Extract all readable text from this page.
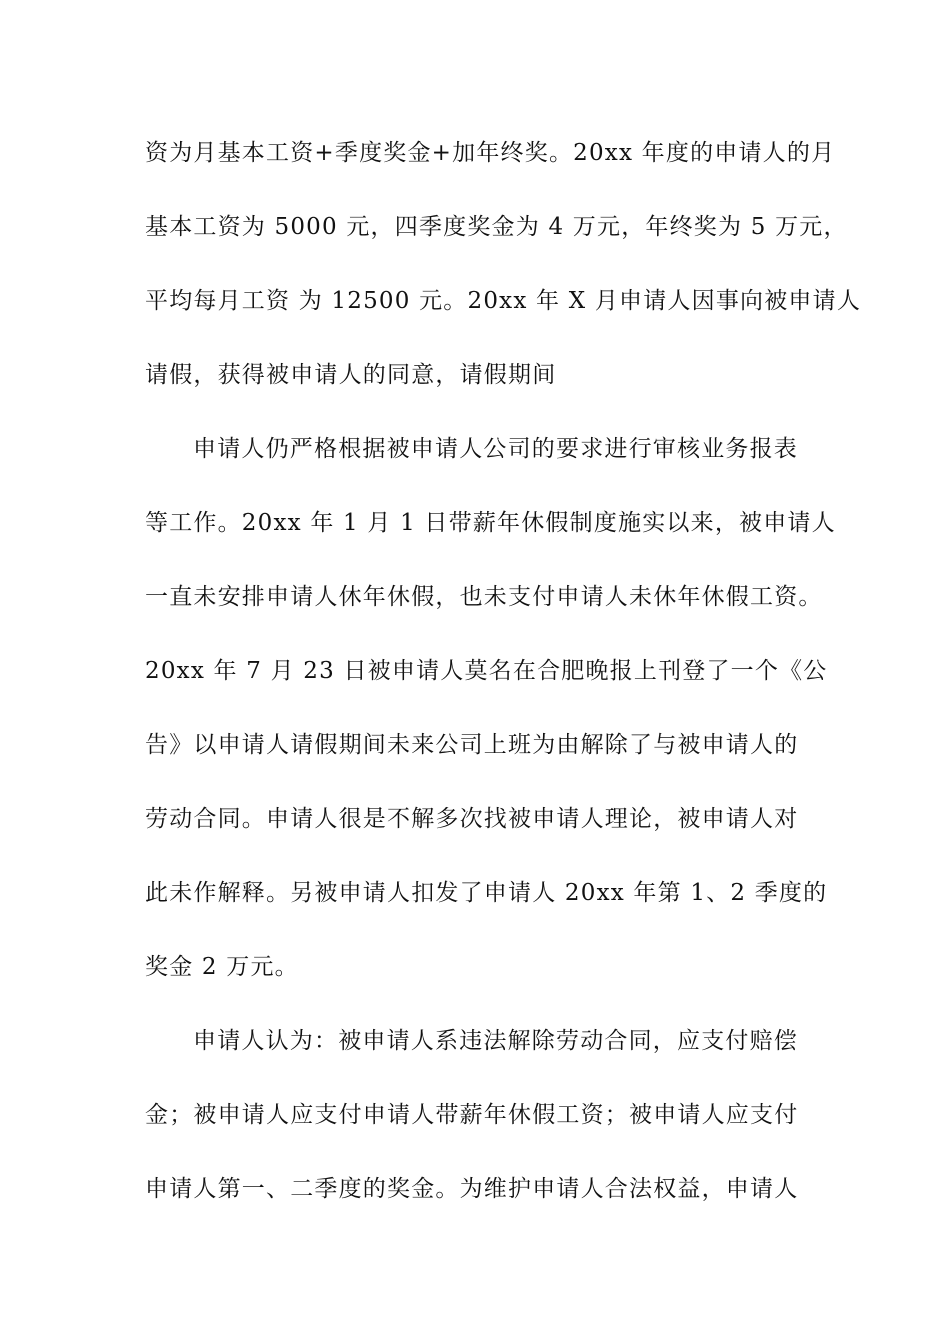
资为月基本工资+季度奖金+加年终奖。20xx 年度的申请人的月
基本工资为 5000 元，四季度奖金为 4 万元，年终奖为 5 万元，
平均每月工资 为 12500 元。20xx 年 X 月申请人因事向被申请人
请假，获得被申请人的同意，请假期间
申请人仍严格根据被申请人公司的要求进行审核业务报表
等工作。20xx 年 1 月 1 日带薪年休假制度施实以来，被申请人
一直未安排申请人休年休假，也未支付申请人未休年休假工资。
20xx 年 7 月 23 日被申请人莫名在合肥晚报上刊登了一个《公
告》以申请人请假期间未来公司上班为由解除了与被申请人的
劳动合同。申请人很是不解多次找被申请人理论，被申请人对
此未作解释。另被申请人扣发了申请人 20xx 年第 1、2 季度的
奖金 2 万元。
申请人认为：被申请人系违法解除劳动合同，应支付赔偿
金；被申请人应支付申请人带薪年休假工资；被申请人应支付
申请人第一、二季度的奖金。为维护申请人合法权益，申请人
